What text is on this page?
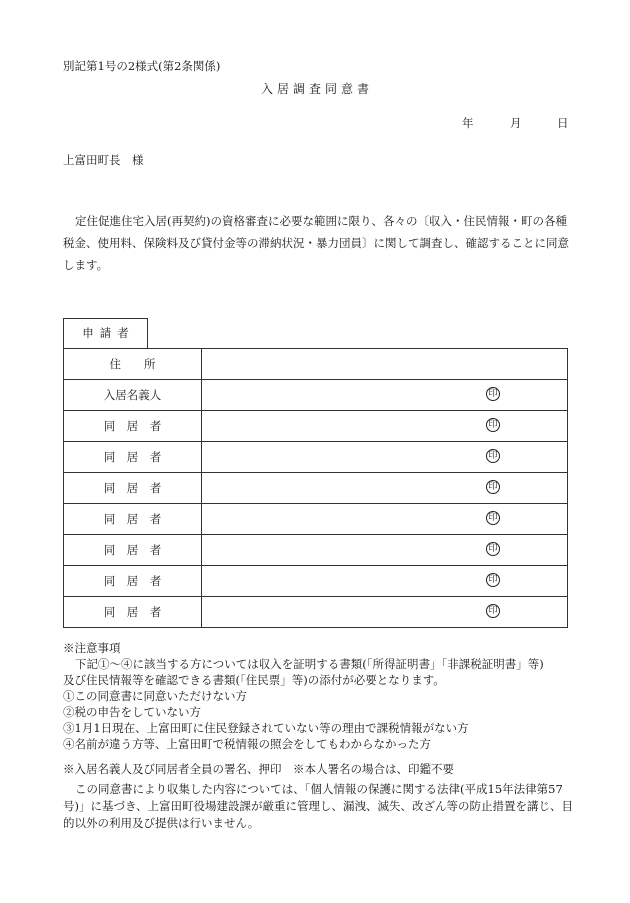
別記第1号の2様式(第2条関係)
入居調査同意書
年	月	日
上富田町長　様
定住促進住宅入居(再契約)の資格審査に必要な範囲に限り、各々の〔収入・住民情報・町の各種税金、使用料、保険料及び貸付金等の滞納状況・暴力団員〕に関して調査し、確認することに同意します。
申請者
住　　所	
入居名義人	印

同　居　者	印

同　居　者	印

同　居　者	印

同　居　者	印

同　居　者	印

同　居　者	印

同　居　者	印
※注意事項
下記①～④に該当する方については収入を証明する書類(「所得証明書」「非課税証明書」等)
及び住民情報等を確認できる書類(「住民票」等)の添付が必要となります。
①この同意書に同意いただけない方
②税の申告をしていない方
③1月1日現在、上富田町に住民登録されていない等の理由で課税情報がない方
④名前が違う方等、上富田町で税情報の照会をしてもわからなかった方
※入居名義人及び同居者全員の署名、押印　※本人署名の場合は、印鑑不要
この同意書により収集した内容については、「個人情報の保護に関する法律(平成15年法律第57号)」に基づき、上富田町役場建設課が厳重に管理し、漏洩、滅失、改ざん等の防止措置を講じ、目的以外の利用及び提供は行いません。
